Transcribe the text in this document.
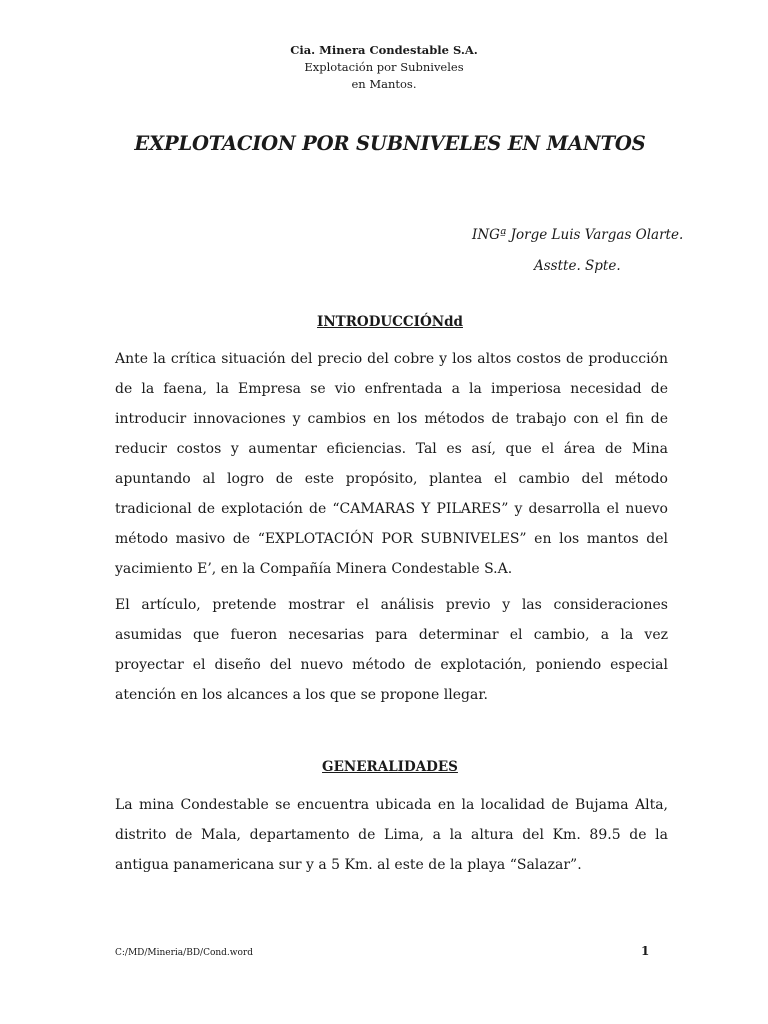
Cia. Minera Condestable S.A.
Explotación por Subniveles
en Mantos.
EXPLOTACION POR SUBNIVELES EN MANTOS
INGª Jorge Luis Vargas Olarte.
Asstte. Spte.
INTRODUCCIÓNdd
Ante la crítica situación del precio del cobre y los altos costos de producción de la faena, la Empresa se vio enfrentada a la imperiosa necesidad de introducir innovaciones y cambios en los métodos de trabajo con el fin de reducir costos y aumentar eficiencias. Tal es así, que el área de Mina apuntando al logro de este propósito, plantea el cambio del método tradicional de explotación de “CAMARAS Y PILARES” y desarrolla el nuevo método masivo de “EXPLOTACIÓN POR SUBNIVELES” en los mantos del yacimiento E’, en la Compañía Minera Condestable S.A.
El artículo, pretende mostrar el análisis previo y las consideraciones asumidas que fueron necesarias para determinar el cambio, a la vez proyectar el diseño del nuevo método de explotación, poniendo especial atención en los alcances a los que se propone llegar.
GENERALIDADES
La mina Condestable se encuentra ubicada en la localidad de Bujama Alta, distrito de Mala, departamento de Lima, a la altura del Km. 89.5 de la antigua panamericana sur y a 5 Km. al este de la playa “Salazar”.
C:/MD/Mineria/BD/Cond.word	1
